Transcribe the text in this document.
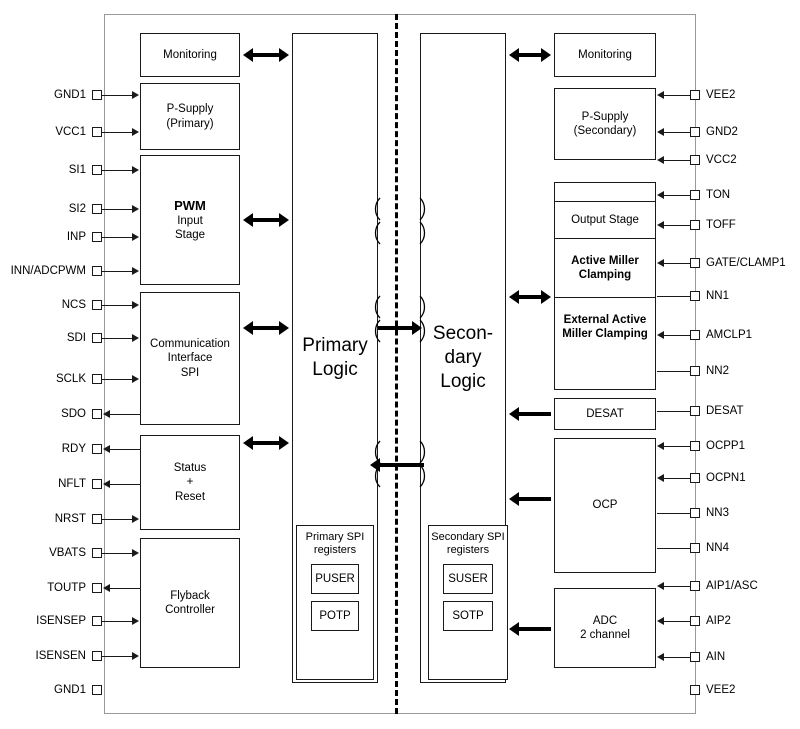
Monitoring
P-Supply
(Primary)
PWM
Input
Stage
Communication
Interface
SPI
Status
+
Reset
Flyback
Controller
Primary
Logic
Primary SPI registers
PUSER
POTP
Monitoring
P-Supply
(Secondary)
Output Stage
Active Miller
Clamping
External Active
Miller Clamping
DESAT
OCP
ADC
2 channel
Secon-
dary
Logic
Secondary SPI registers
SUSER
SOTP
GND1
VCC1
SI1
SI2
INP
INN/ADCPWM
NCS
SDI
SCLK
SDO
RDY
NFLT
NRST
VBATS
TOUTP
ISENSEP
ISENSEN
GND1
VEE2
GND2
VCC2
TON
TOFF
GATE/CLAMP1
NN1
AMCLP1
NN2
DESAT
OCPP1
OCPN1
NN3
NN4
AIP1/ASC
AIP2
AIN
VEE2
